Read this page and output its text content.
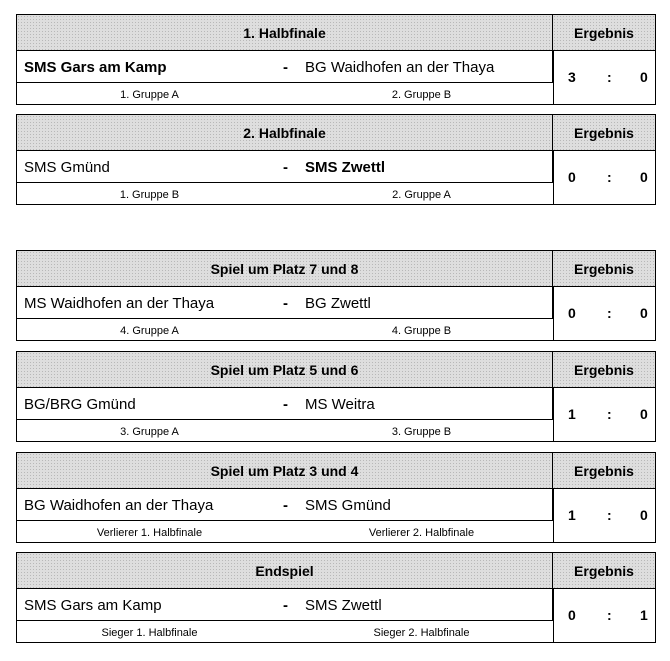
1. Halbfinale	Ergebnis
SMS Gars am Kamp	- BG Waidhofen an der Thaya
1. Gruppe A	2. Gruppe B
3 : 0
2. Halbfinale	Ergebnis
SMS Gmünd	- SMS Zwettl
1. Gruppe B	2. Gruppe A
0 : 0
Spiel um Platz 7 und 8	Ergebnis
MS Waidhofen an der Thaya	- BG Zwettl
4. Gruppe A	4. Gruppe B
0 : 0
Spiel um Platz 5 und 6	Ergebnis
BG/BRG Gmünd	- MS Weitra
3. Gruppe A	3. Gruppe B
1 : 0
Spiel um Platz 3 und 4	Ergebnis
BG Waidhofen an der Thaya	- SMS Gmünd
Verlierer 1. Halbfinale	Verlierer 2. Halbfinale
1 : 0
Endspiel	Ergebnis
SMS Gars am Kamp	- SMS Zwettl
Sieger 1. Halbfinale	Sieger 2. Halbfinale
0 : 1
